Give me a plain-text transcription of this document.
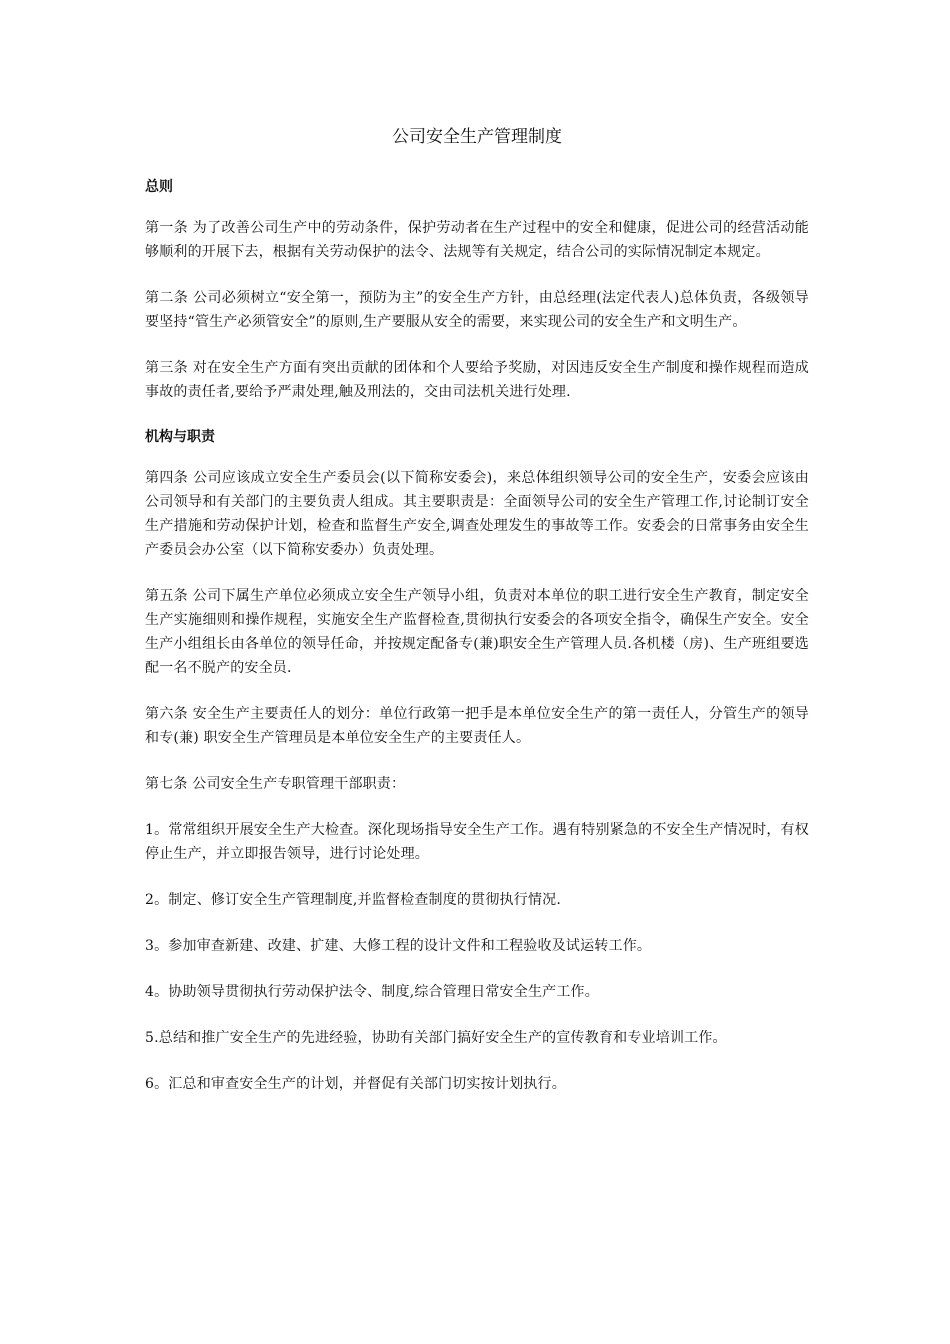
公司安全生产管理制度
总则

第一条 为了改善公司生产中的劳动条件，保护劳动者在生产过程中的安全和健康，促进公司的经营活动能够顺利的开展下去，根据有关劳动保护的法令、法规等有关规定，结合公司的实际情况制定本规定。

第二条 公司必须树立“安全第一，预防为主”的安全生产方针，由总经理(法定代表人)总体负责，各级领导要坚持“管生产必须管安全”的原则,生产要服从安全的需要，来实现公司的安全生产和文明生产。

第三条 对在安全生产方面有突出贡献的团体和个人要给予奖励，对因违反安全生产制度和操作规程而造成事故的责任者,要给予严肃处理,触及刑法的，交由司法机关进行处理.

机构与职责

第四条 公司应该成立安全生产委员会(以下简称安委会)，来总体组织领导公司的安全生产，安委会应该由公司领导和有关部门的主要负责人组成。其主要职责是：全面领导公司的安全生产管理工作,讨论制订安全生产措施和劳动保护计划，检查和监督生产安全,调查处理发生的事故等工作。安委会的日常事务由安全生产委员会办公室（以下简称安委办）负责处理。

第五条 公司下属生产单位必须成立安全生产领导小组，负责对本单位的职工进行安全生产教育，制定安全生产实施细则和操作规程，实施安全生产监督检查,贯彻执行安委会的各项安全指令，确保生产安全。安全生产小组组长由各单位的领导任命，并按规定配备专(兼)职安全生产管理人员.各机楼（房)、生产班组要选配一名不脱产的安全员.

第六条 安全生产主要责任人的划分：单位行政第一把手是本单位安全生产的第一责任人，分管生产的领导和专(兼) 职安全生产管理员是本单位安全生产的主要责任人。

第七条 公司安全生产专职管理干部职责：

1。常常组织开展安全生产大检查。深化现场指导安全生产工作。遇有特别紧急的不安全生产情况时，有权停止生产，并立即报告领导，进行讨论处理。

2。制定、修订安全生产管理制度,并监督检查制度的贯彻执行情况.

3。参加审查新建、改建、扩建、大修工程的设计文件和工程验收及试运转工作。

4。协助领导贯彻执行劳动保护法令、制度,综合管理日常安全生产工作。

5.总结和推广安全生产的先进经验，协助有关部门搞好安全生产的宣传教育和专业培训工作。

6。汇总和审查安全生产的计划，并督促有关部门切实按计划执行。
